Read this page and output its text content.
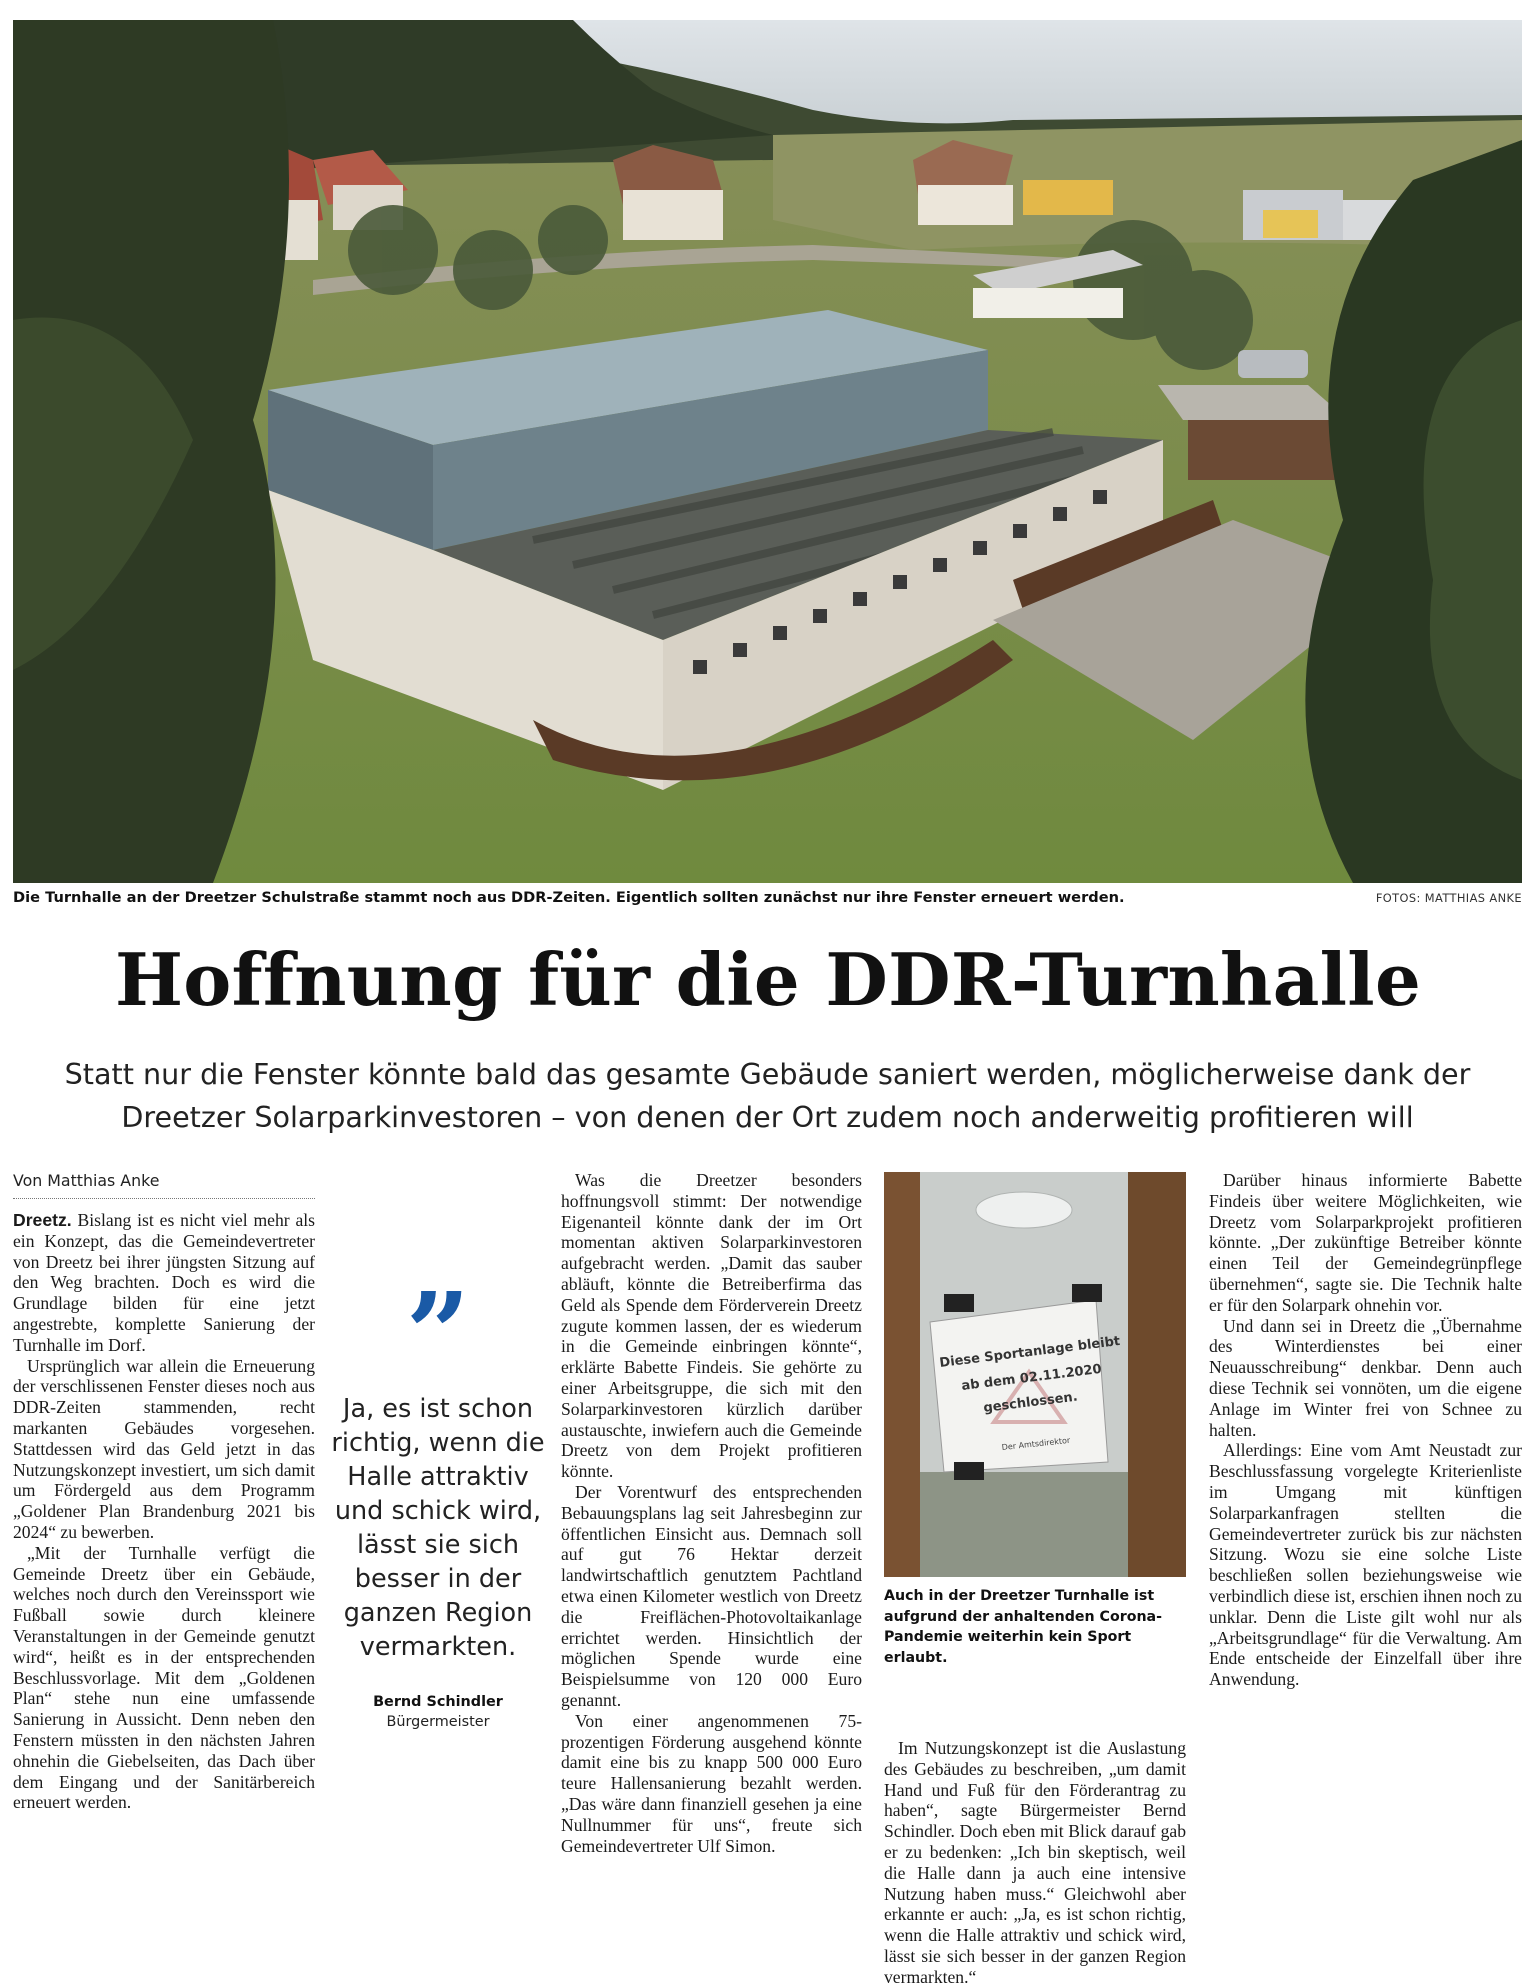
Die Turnhalle an der Dreetzer Schulstraße stammt noch aus DDR-Zeiten. Eigentlich sollten zunächst nur ihre Fenster erneuert werden.	FOTOS: MATTHIAS ANKE
Hoffnung für die DDR-Turnhalle
Statt nur die Fenster könnte bald das gesamte Gebäude saniert werden, möglicherweise dank der Dreetzer Solarparkinvestoren – von denen der Ort zudem noch anderweitig profitieren will
Von Matthias Anke

Dreetz. Bislang ist es nicht viel mehr als ein Konzept, das die Gemeindevertreter von Dreetz bei ihrer jüngsten Sitzung auf den Weg brachten. Doch es wird die Grundlage bilden für eine jetzt angestrebte, komplette Sanierung der Turnhalle im Dorf.

Ursprünglich war allein die Erneuerung der verschlissenen Fenster dieses noch aus DDR-Zeiten stammenden, recht markanten Gebäudes vorgesehen. Stattdessen wird das Geld jetzt in das Nutzungskonzept investiert, um sich damit um Fördergeld aus dem Programm „Goldener Plan Brandenburg 2021 bis 2024“ zu bewerben.

„Mit der Turnhalle verfügt die Gemeinde Dreetz über ein Gebäude, welches noch durch den Vereinssport wie Fußball sowie durch kleinere Veranstaltungen in der Gemeinde genutzt wird“, heißt es in der entsprechenden Beschlussvorlage. Mit dem „Goldenen Plan“ stehe nun eine umfassende Sanierung in Aussicht. Denn neben den Fenstern müssten in den nächsten Jahren ohnehin die Giebelseiten, das Dach über dem Eingang und der Sanitärbereich erneuert werden.

”
Ja, es ist schon richtig, wenn die Halle attraktiv und schick wird, lässt sie sich besser in der ganzen Region vermarkten.
Bernd Schindler
Bürgermeister

Was die Dreetzer besonders hoffnungsvoll stimmt: Der notwendige Eigenanteil könnte dank der im Ort momentan aktiven Solarparkinvestoren aufgebracht werden. „Damit das sauber abläuft, könnte die Betreiberfirma das Geld als Spende dem Förderverein Dreetz zugute kommen lassen, der es wiederum in die Gemeinde einbringen könnte“, erklärte Babette Findeis. Sie gehörte zu einer Arbeitsgruppe, die sich mit den Solarparkinvestoren kürzlich darüber austauschte, inwiefern auch die Gemeinde Dreetz von dem Projekt profitieren könnte.

Der Vorentwurf des entsprechenden Bebauungsplans lag seit Jahresbeginn zur öffentlichen Einsicht aus. Demnach soll auf gut 76 Hektar derzeit landwirtschaftlich genutztem Pachtland etwa einen Kilometer westlich von Dreetz die Freiflächen-Photovoltaikanlage errichtet werden. Hinsichtlich der möglichen Spende wurde eine Beispielsumme von 120 000 Euro genannt.

Von einer angenommenen 75-prozentigen Förderung ausgehend könnte damit eine bis zu knapp 500 000 Euro teure Hallensanierung bezahlt werden. „Das wäre dann finanziell gesehen ja eine Nullnummer für uns“, freute sich Gemeindevertreter Ulf Simon.

Diese Sportanlage bleibt
ab dem 02.11.2020
geschlossen.
Der Amtsdirektor
Auch in der Dreetzer Turnhalle ist aufgrund der anhaltenden Corona-Pandemie weiterhin kein Sport erlaubt.

Im Nutzungskonzept ist die Auslastung des Gebäudes zu beschreiben, „um damit Hand und Fuß für den Förderantrag zu haben“, sagte Bürgermeister Bernd Schindler. Doch eben mit Blick darauf gab er zu bedenken: „Ich bin skeptisch, weil die Halle dann ja auch eine intensive Nutzung haben muss.“ Gleichwohl aber erkannte er auch: „Ja, es ist schon richtig, wenn die Halle attraktiv und schick wird, lässt sie sich besser in der ganzen Region vermarkten.“

Darüber hinaus informierte Babette Findeis über weitere Möglichkeiten, wie Dreetz vom Solarparkprojekt profitieren könnte. „Der zukünftige Betreiber könnte einen Teil der Gemeindegrünpflege übernehmen“, sagte sie. Die Technik halte er für den Solarpark ohnehin vor.

Und dann sei in Dreetz die „Übernahme des Winterdienstes bei einer Neuausschreibung“ denkbar. Denn auch diese Technik sei vonnöten, um die eigene Anlage im Winter frei von Schnee zu halten.

Allerdings: Eine vom Amt Neustadt zur Beschlussfassung vorgelegte Kriterienliste im Umgang mit künftigen Solarparkanfragen stellten die Gemeindevertreter zurück bis zur nächsten Sitzung. Wozu sie eine solche Liste beschließen sollen beziehungsweise wie verbindlich diese ist, erschien ihnen noch zu unklar. Denn die Liste gilt wohl nur als „Arbeitsgrundlage“ für die Verwaltung. Am Ende entscheide der Einzelfall über ihre Anwendung.
